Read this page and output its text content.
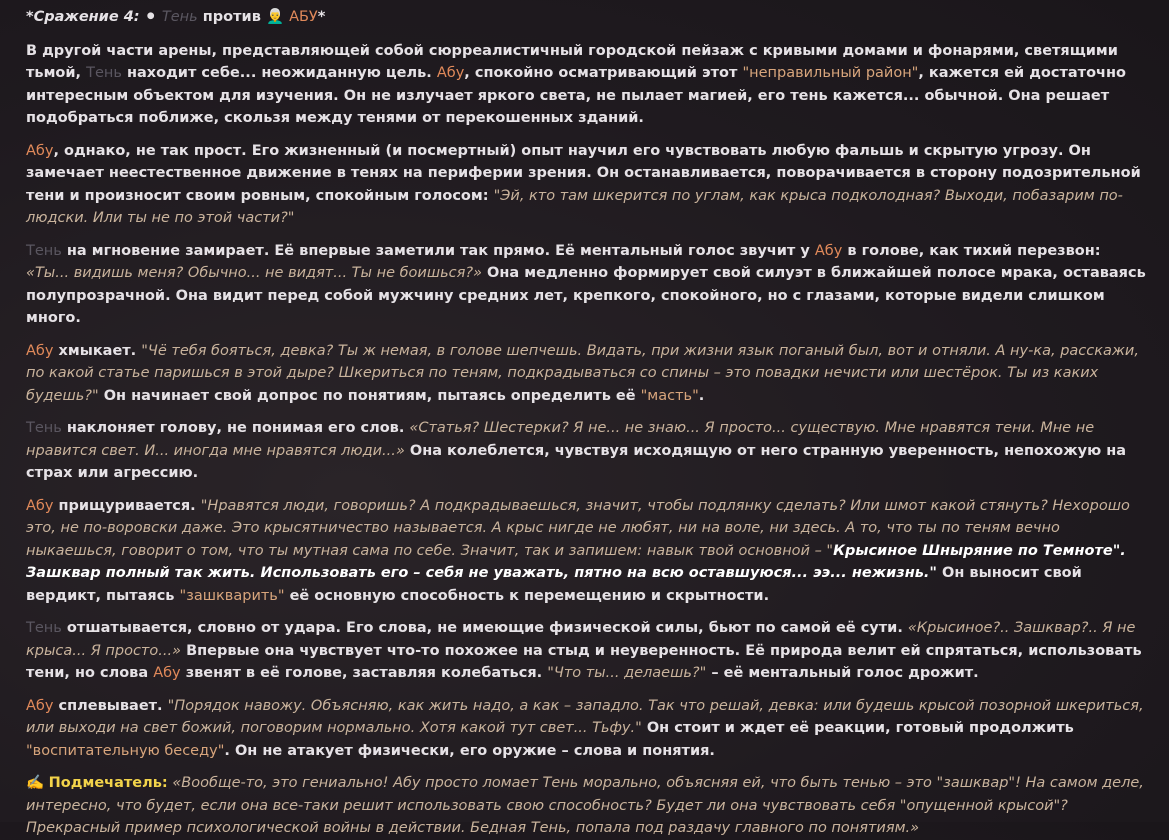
*Сражение 4: ⚫ Тень против 👨‍🦳 АБУ*

В другой части арены, представляющей собой сюрреалистичный городской пейзаж с кривыми домами и фонарями, светящими тьмой, Тень находит себе... неожиданную цель. Абу, спокойно осматривающий этот "неправильный район", кажется ей достаточно интересным объектом для изучения. Он не излучает яркого света, не пылает магией, его тень кажется... обычной. Она решает подобраться поближе, скользя между тенями от перекошенных зданий.

Абу, однако, не так прост. Его жизненный (и посмертный) опыт научил его чувствовать любую фальшь и скрытую угрозу. Он замечает неестественное движение в тенях на периферии зрения. Он останавливается, поворачивается в сторону подозрительной тени и произносит своим ровным, спокойным голосом: "Эй, кто там шкерится по углам, как крыса подколодная? Выходи, побазарим по-людски. Или ты не по этой части?"

Тень на мгновение замирает. Её впервые заметили так прямо. Её ментальный голос звучит у Абу в голове, как тихий перезвон: «Ты... видишь меня? Обычно... не видят... Ты не боишься?» Она медленно формирует свой силуэт в ближайшей полосе мрака, оставаясь полупрозрачной. Она видит перед собой мужчину средних лет, крепкого, спокойного, но с глазами, которые видели слишком много.

Абу хмыкает. "Чё тебя бояться, девка? Ты ж немая, в голове шепчешь. Видать, при жизни язык поганый был, вот и отняли. А ну-ка, расскажи, по какой статье паришься в этой дыре? Шкериться по теням, подкрадываться со спины – это повадки нечисти или шестёрок. Ты из каких будешь?" Он начинает свой допрос по понятиям, пытаясь определить её "масть".

Тень наклоняет голову, не понимая его слов. «Статья? Шестерки? Я не... не знаю... Я просто... существую. Мне нравятся тени. Мне не нравится свет. И... иногда мне нравятся люди...» Она колеблется, чувствуя исходящую от него странную уверенность, непохожую на страх или агрессию.

Абу прищуривается. "Нравятся люди, говоришь? А подкрадываешься, значит, чтобы подлянку сделать? Или шмот какой стянуть? Нехорошо это, не по-воровски даже. Это крысятничество называется. А крыс нигде не любят, ни на воле, ни здесь. А то, что ты по теням вечно ныкаешься, говорит о том, что ты мутная сама по себе. Значит, так и запишем: навык твой основной – "Крысиное Шныряние по Темноте". Зашквар полный так жить. Использовать его – себя не уважать, пятно на всю оставшуюся... ээ... нежизнь." Он выносит свой вердикт, пытаясь "зашкварить" её основную способность к перемещению и скрытности.

Тень отшатывается, словно от удара. Его слова, не имеющие физической силы, бьют по самой её сути. «Крысиное?.. Зашквар?.. Я не крыса... Я просто...» Впервые она чувствует что-то похожее на стыд и неуверенность. Её природа велит ей спрятаться, использовать тени, но слова Абу звенят в её голове, заставляя колебаться. "Что ты... делаешь?" – её ментальный голос дрожит.

Абу сплевывает. "Порядок навожу. Объясняю, как жить надо, а как – западло. Так что решай, девка: или будешь крысой позорной шкериться, или выходи на свет божий, поговорим нормально. Хотя какой тут свет... Тьфу." Он стоит и ждет её реакции, готовый продолжить "воспитательную беседу". Он не атакует физически, его оружие – слова и понятия.

✍️ Подмечатель: «Вообще-то, это гениально! Абу просто ломает Тень морально, объясняя ей, что быть тенью – это "зашквар"! На самом деле, интересно, что будет, если она все-таки решит использовать свою способность? Будет ли она чувствовать себя "опущенной крысой"? Прекрасный пример психологической войны в действии. Бедная Тень, попала под раздачу главного по понятиям.»
